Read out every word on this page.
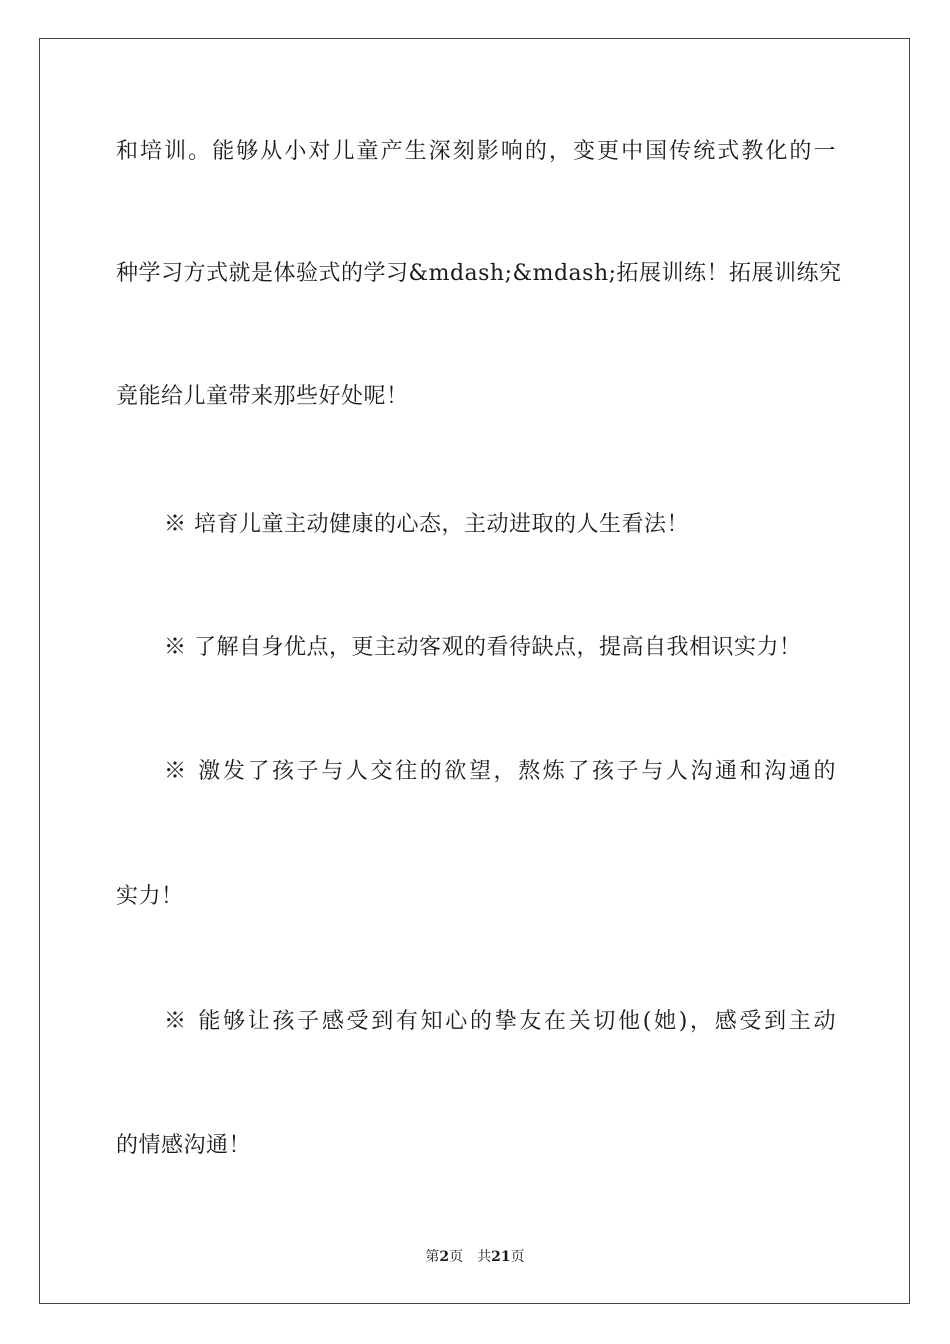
和培训。能够从小对儿童产生深刻影响的，变更中国传统式教化的一
种学习方式就是体验式的学习&mdash;&mdash;拓展训练！拓展训练究
竟能给儿童带来那些好处呢！
※ 培育儿童主动健康的心态，主动进取的人生看法！
※ 了解自身优点，更主动客观的看待缺点，提高自我相识实力！
※ 激发了孩子与人交往的欲望，熬炼了孩子与人沟通和沟通的
实力！
※ 能够让孩子感受到有知心的挚友在关切他(她)，感受到主动
的情感沟通！
第2页 共21页
